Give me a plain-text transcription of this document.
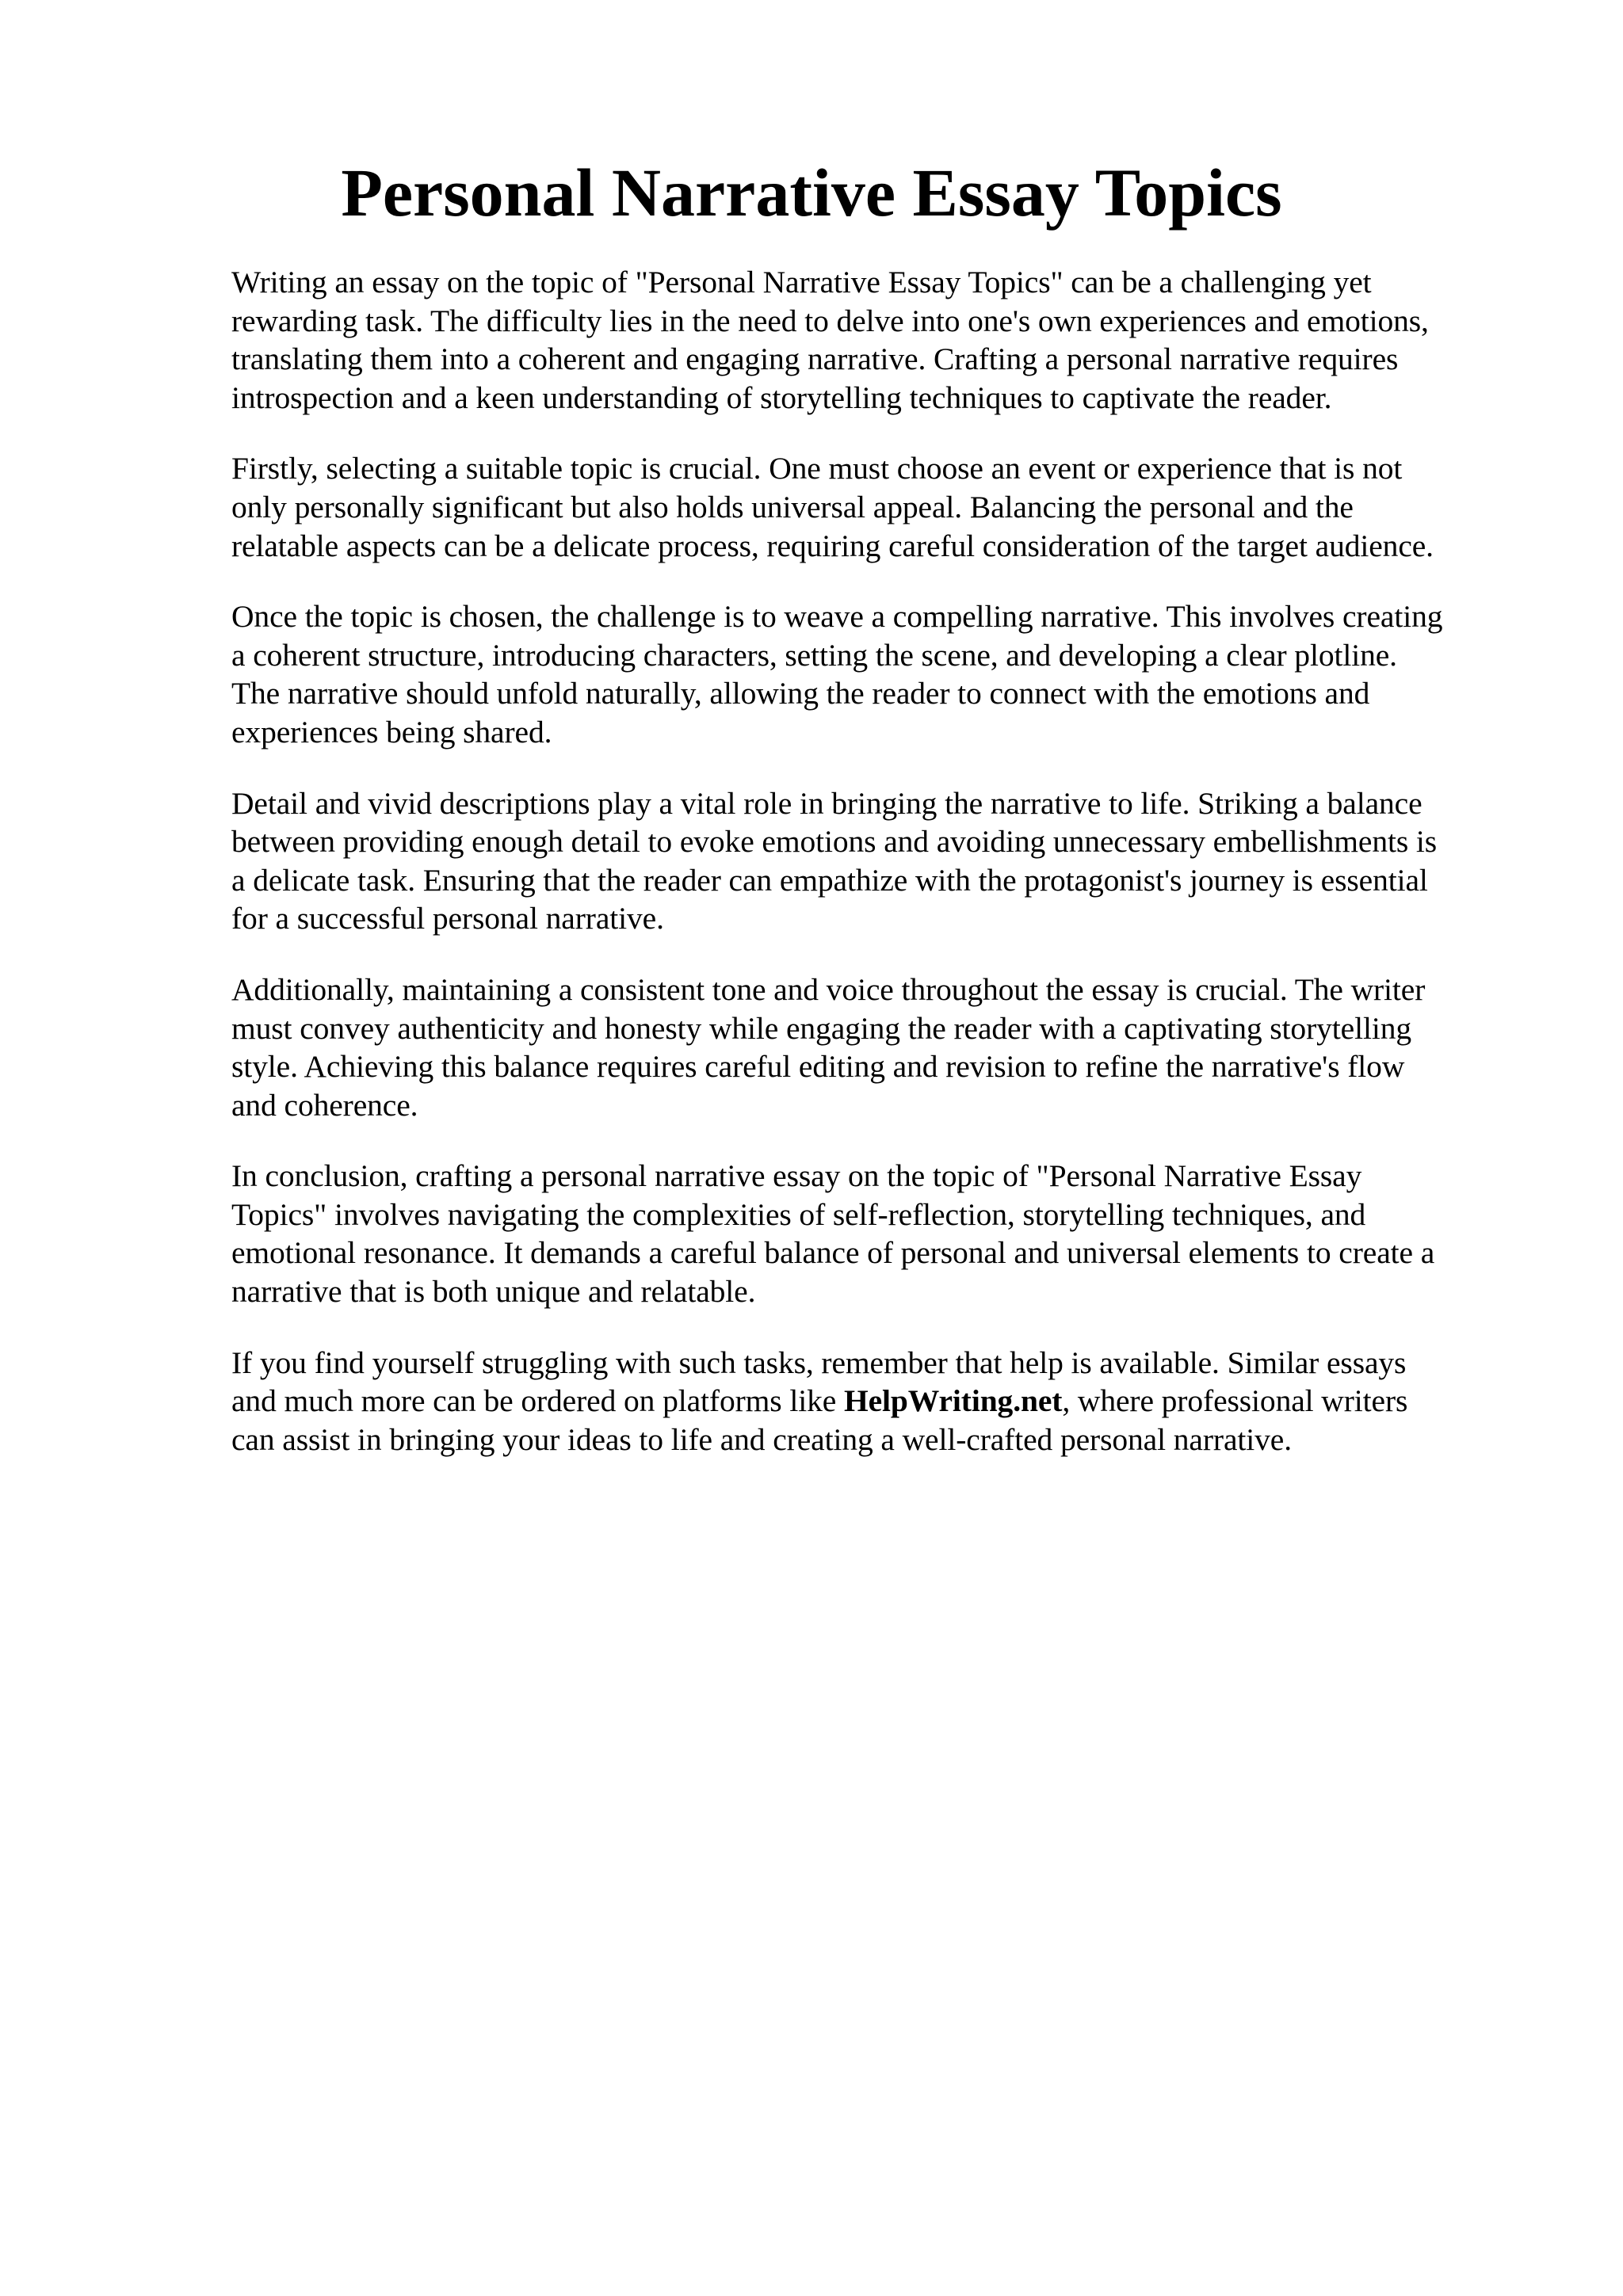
Personal Narrative Essay Topics

Writing an essay on the topic of "Personal Narrative Essay Topics" can be a challenging yet
rewarding task. The difficulty lies in the need to delve into one's own experiences and emotions,
translating them into a coherent and engaging narrative. Crafting a personal narrative requires
introspection and a keen understanding of storytelling techniques to captivate the reader.

Firstly, selecting a suitable topic is crucial. One must choose an event or experience that is not
only personally significant but also holds universal appeal. Balancing the personal and the
relatable aspects can be a delicate process, requiring careful consideration of the target audience.

Once the topic is chosen, the challenge is to weave a compelling narrative. This involves creating
a coherent structure, introducing characters, setting the scene, and developing a clear plotline.
The narrative should unfold naturally, allowing the reader to connect with the emotions and
experiences being shared.

Detail and vivid descriptions play a vital role in bringing the narrative to life. Striking a balance
between providing enough detail to evoke emotions and avoiding unnecessary embellishments is
a delicate task. Ensuring that the reader can empathize with the protagonist's journey is essential
for a successful personal narrative.

Additionally, maintaining a consistent tone and voice throughout the essay is crucial. The writer
must convey authenticity and honesty while engaging the reader with a captivating storytelling
style. Achieving this balance requires careful editing and revision to refine the narrative's flow
and coherence.

In conclusion, crafting a personal narrative essay on the topic of "Personal Narrative Essay
Topics" involves navigating the complexities of self-reflection, storytelling techniques, and
emotional resonance. It demands a careful balance of personal and universal elements to create a
narrative that is both unique and relatable.

If you find yourself struggling with such tasks, remember that help is available. Similar essays
and much more can be ordered on platforms like HelpWriting.net, where professional writers
can assist in bringing your ideas to life and creating a well-crafted personal narrative.
